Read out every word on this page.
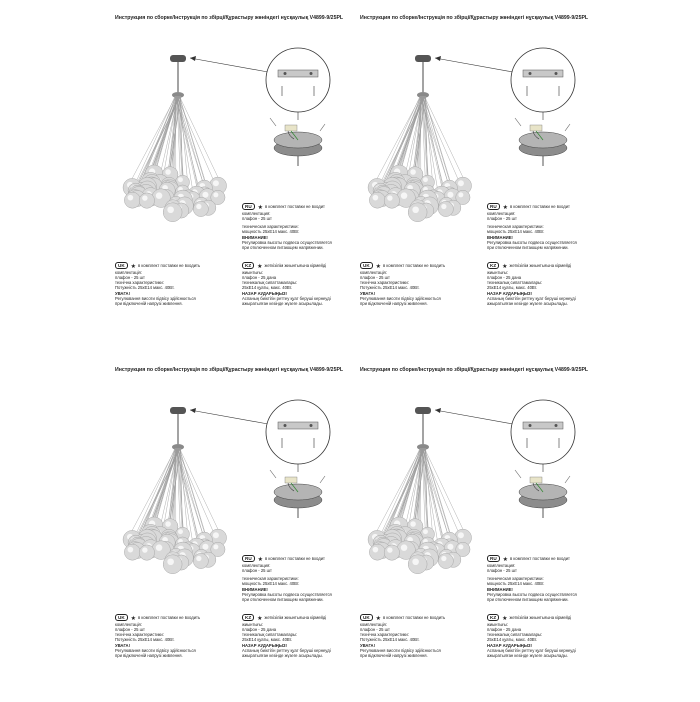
Инструкция по сборке/Інструкція по збірці/Құрастыру жөніндегі нұсқаулық V4899-9/25PL
RU ★ в комплект поставки не входит
комплектация:
плафон - 25 шт
техническая характеристики:
мощность 25xE14 макс. 40Вт.
ВНИМАНИЕ!
Регулировка высоты подвеса осуществляется
при отключенном питающем напряжении.
UK ★ в комплект поставки не входить
комплектація:
плафон - 25 шт
технічна характеристики:
Потужність 25xE14 макс. 40Вт.
УВАГА!
Регулювання висоти підвісу здійснюється
при відключеній напрузі живлення.
KZ ★ жеткізілім жиынтығына кірмейді
жиынтығы:
плафон - 25 дана
техникалық сипаттамалары:
25xE14 қуаты, макс. 40Вт.
НАЗАР АУДАРЫҢЫЗ!
Аспаның биіктігін реттеу қуат беруші кернеуді
ажыратылған кезінде жүзеге асырылады.
Инструкция по сборке/Інструкція по збірці/Құрастыру жөніндегі нұсқаулық V4899-9/25PL
RU ★ в комплект поставки не входит
комплектация:
плафон - 25 шт
техническая характеристики:
мощность 25xE14 макс. 40Вт.
ВНИМАНИЕ!
Регулировка высоты подвеса осуществляется
при отключенном питающем напряжении.
UK ★ в комплект поставки не входить
комплектація:
плафон - 25 шт
технічна характеристики:
Потужність 25xE14 макс. 40Вт.
УВАГА!
Регулювання висоти підвісу здійснюється
при відключеній напрузі живлення.
KZ ★ жеткізілім жиынтығына кірмейді
жиынтығы:
плафон - 25 дана
техникалық сипаттамалары:
25xE14 қуаты, макс. 40Вт.
НАЗАР АУДАРЫҢЫЗ!
Аспаның биіктігін реттеу қуат беруші кернеуді
ажыратылған кезінде жүзеге асырылады.
Инструкция по сборке/Інструкція по збірці/Құрастыру жөніндегі нұсқаулық V4899-9/25PL
RU ★ в комплект поставки не входит
комплектация:
плафон - 25 шт
техническая характеристики:
мощность 25xE14 макс. 40Вт.
ВНИМАНИЕ!
Регулировка высоты подвеса осуществляется
при отключенном питающем напряжении.
UK ★ в комплект поставки не входить
комплектація:
плафон - 25 шт
технічна характеристики:
Потужність 25xE14 макс. 40Вт.
УВАГА!
Регулювання висоти підвісу здійснюється
при відключеній напрузі живлення.
KZ ★ жеткізілім жиынтығына кірмейді
жиынтығы:
плафон - 25 дана
техникалық сипаттамалары:
25xE14 қуаты, макс. 40Вт.
НАЗАР АУДАРЫҢЫЗ!
Аспаның биіктігін реттеу қуат беруші кернеуді
ажыратылған кезінде жүзеге асырылады.
Инструкция по сборке/Інструкція по збірці/Құрастыру жөніндегі нұсқаулық V4899-9/25PL
RU ★ в комплект поставки не входит
комплектация:
плафон - 25 шт
техническая характеристики:
мощность 25xE14 макс. 40Вт.
ВНИМАНИЕ!
Регулировка высоты подвеса осуществляется
при отключенном питающем напряжении.
UK ★ в комплект поставки не входить
комплектація:
плафон - 25 шт
технічна характеристики:
Потужність 25xE14 макс. 40Вт.
УВАГА!
Регулювання висоти підвісу здійснюється
при відключеній напрузі живлення.
KZ ★ жеткізілім жиынтығына кірмейді
жиынтығы:
плафон - 25 дана
техникалық сипаттамалары:
25xE14 қуаты, макс. 40Вт.
НАЗАР АУДАРЫҢЫЗ!
Аспаның биіктігін реттеу қуат беруші кернеуді
ажыратылған кезінде жүзеге асырылады.
